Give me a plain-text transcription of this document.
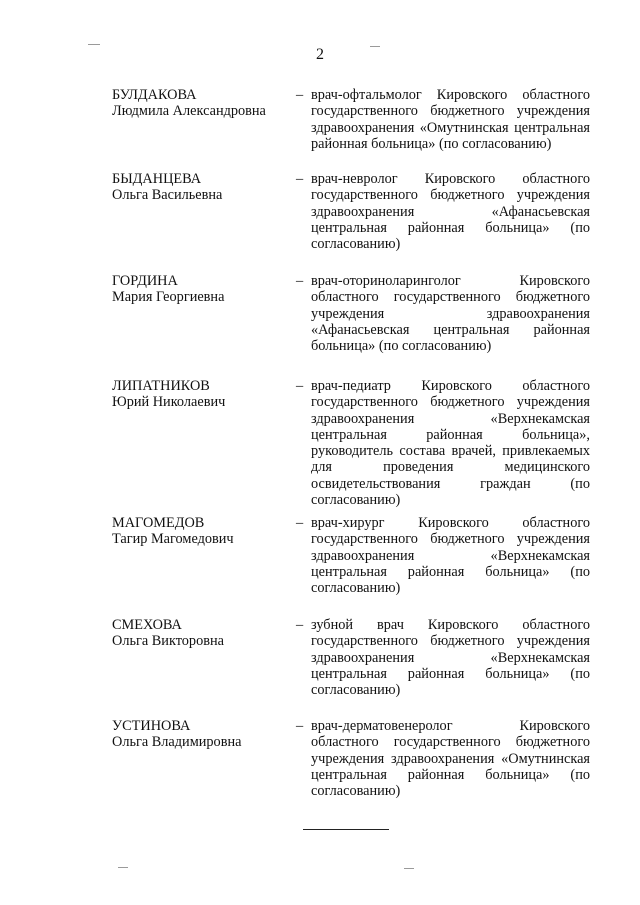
2
БУЛДАКОВА
Людмила Александровна
– врач-офтальмолог Кировского областного государственного бюджетного учреждения здравоохранения «Омутнинская центральная районная больница» (по согласованию)
БЫДАНЦЕВА
Ольга Васильевна
– врач-невролог Кировского областного государственного бюджетного учреждения здравоохранения «Афанасьевская центральная районная больница» (по согласованию)
ГОРДИНА
Мария Георгиевна
– врач-оториноларинголог Кировского областного государственного бюджетного учреждения здравоохранения «Афанасьевская центральная районная больница» (по согласованию)
ЛИПАТНИКОВ
Юрий Николаевич
– врач-педиатр Кировского областного государственного бюджетного учреждения здравоохранения «Верхнекамская центральная районная больница», руководитель состава врачей, привлекаемых для проведения медицинского освидетельствования граждан (по согласованию)
МАГОМЕДОВ
Тагир Магомедович
– врач-хирург Кировского областного государственного бюджетного учреждения здравоохранения «Верхнекамская центральная районная больница» (по согласованию)
СМЕХОВА
Ольга Викторовна
– зубной врач Кировского областного государственного бюджетного учреждения здравоохранения «Верхнекамская центральная районная больница» (по согласованию)
УСТИНОВА
Ольга Владимировна
– врач-дерматовенеролог Кировского областного государственного бюджетного учреждения здравоохранения «Омутнинская центральная районная больница» (по согласованию)
